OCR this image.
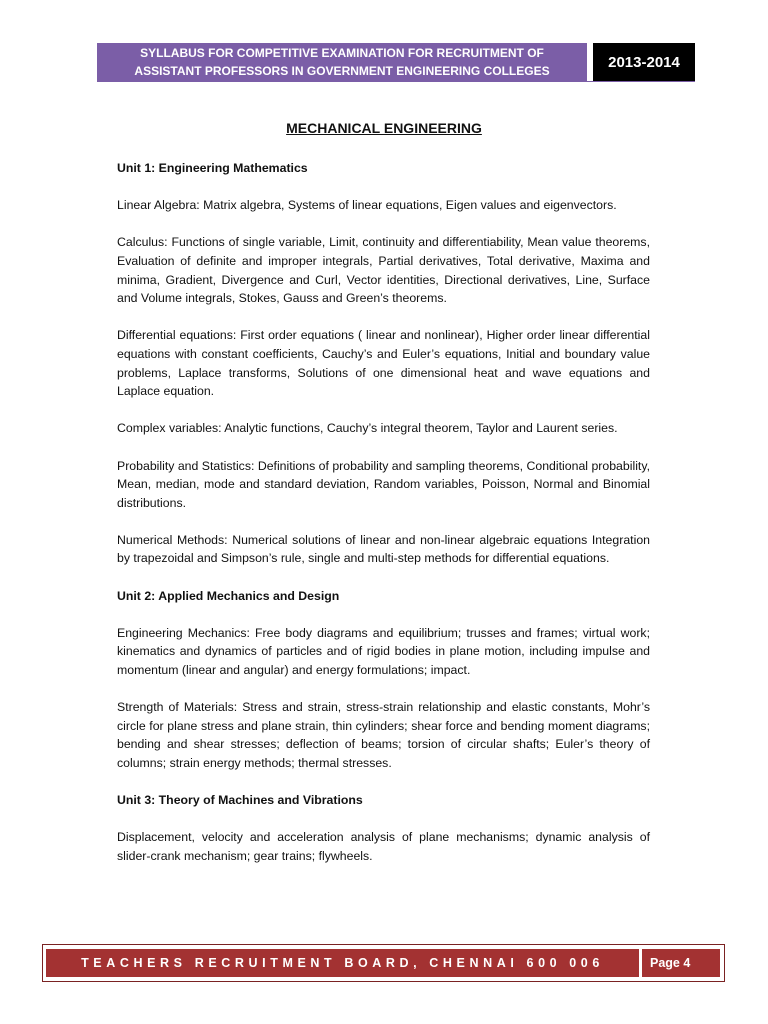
SYLLABUS FOR COMPETITIVE EXAMINATION FOR RECRUITMENT OF
ASSISTANT PROFESSORS IN GOVERNMENT ENGINEERING COLLEGES
2013-2014
MECHANICAL ENGINEERING
Unit 1: Engineering Mathematics
Linear Algebra: Matrix algebra, Systems of linear equations, Eigen values and eigenvectors.
Calculus: Functions of single variable, Limit, continuity and differentiability, Mean value theorems, Evaluation of definite and improper integrals, Partial derivatives, Total derivative, Maxima and minima, Gradient, Divergence and Curl, Vector identities, Directional derivatives, Line, Surface and Volume integrals, Stokes, Gauss and Green’s theorems.
Differential equations: First order equations ( linear and nonlinear), Higher order linear differential equations with constant coefficients, Cauchy’s and Euler’s equations, Initial and boundary value problems, Laplace transforms, Solutions of one dimensional heat and wave equations and Laplace equation.
Complex variables: Analytic functions, Cauchy’s integral theorem, Taylor and Laurent series.
Probability and Statistics: Definitions of probability and sampling theorems, Conditional probability, Mean, median, mode and standard deviation, Random variables, Poisson, Normal and Binomial distributions.
Numerical Methods: Numerical solutions of linear and non-linear algebraic equations Integration by trapezoidal and Simpson’s rule, single and multi-step methods for differential equations.
Unit 2: Applied Mechanics and Design
Engineering Mechanics: Free body diagrams and equilibrium; trusses and frames; virtual work; kinematics and dynamics of particles and of rigid bodies in plane motion, including impulse and momentum (linear and angular) and energy formulations; impact.
Strength of Materials: Stress and strain, stress-strain relationship and elastic constants, Mohr’s circle for plane stress and plane strain, thin cylinders; shear force and bending moment diagrams; bending and shear stresses; deflection of beams; torsion of circular shafts; Euler’s theory of columns; strain energy methods; thermal stresses.
Unit 3: Theory of Machines and Vibrations
Displacement, velocity and acceleration analysis of plane mechanisms; dynamic analysis of slider-crank mechanism; gear trains; flywheels.
TEACHERS RECRUITMENT BOARD, CHENNAI 600 006	Page 4
